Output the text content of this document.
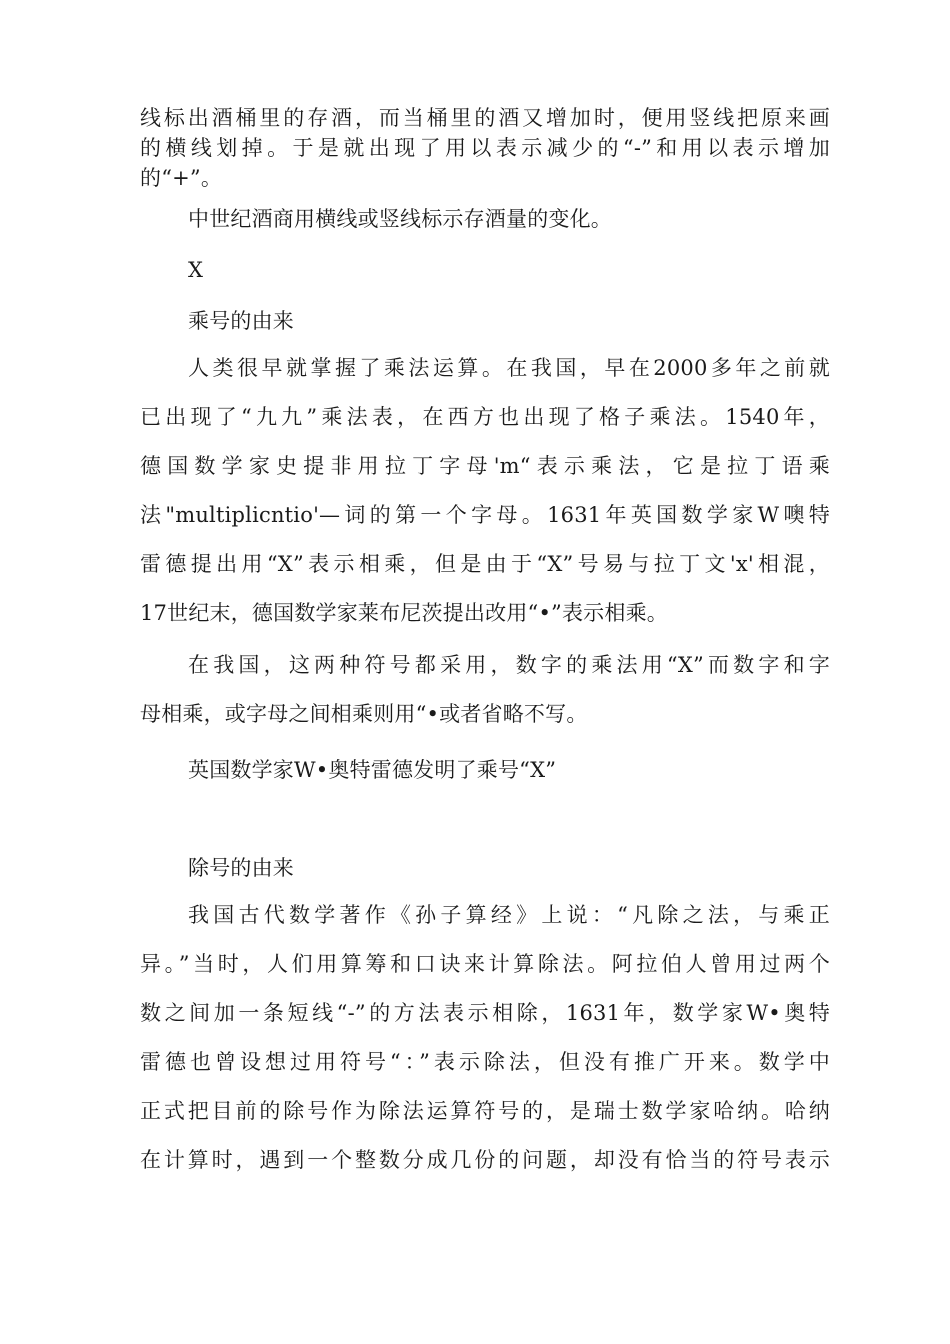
线标出酒桶里的存酒，而当桶里的酒又增加时，便用竖线把原来画
的横线划掉。于是就出现了用以表示减少的“-”和用以表示增加
的“+”。
中世纪酒商用横线或竖线标示存酒量的变化。
X
乘号的由来
人类很早就掌握了乘法运算。在我国，早在2000多年之前就
已出现了“九九”乘法表，在西方也出现了格子乘法。1540年，
德国数学家史提非用拉丁字母'm“表示乘法，它是拉丁语乘
法"multiplicntio'—词的第一个字母。1631年英国数学家W噢特
雷德提出用“X”表示相乘，但是由于“X”号易与拉丁文'x'相混，
17世纪末，德国数学家莱布尼茨提出改用“•”表示相乘。
在我国，这两种符号都采用，数字的乘法用“X”而数字和字
母相乘，或字母之间相乘则用“•或者省略不写。
英国数学家W•奥特雷德发明了乘号“X”
除号的由来
我国古代数学著作《孙子算经》上说：“凡除之法，与乘正
异。”当时，人们用算筹和口诀来计算除法。阿拉伯人曾用过两个
数之间加一条短线“-”的方法表示相除，1631年，数学家W•奥特
雷德也曾设想过用符号“：”表示除法，但没有推广开来。数学中
正式把目前的除号作为除法运算符号的，是瑞士数学家哈纳。哈纳
在计算时，遇到一个整数分成几份的问题，却没有恰当的符号表示
